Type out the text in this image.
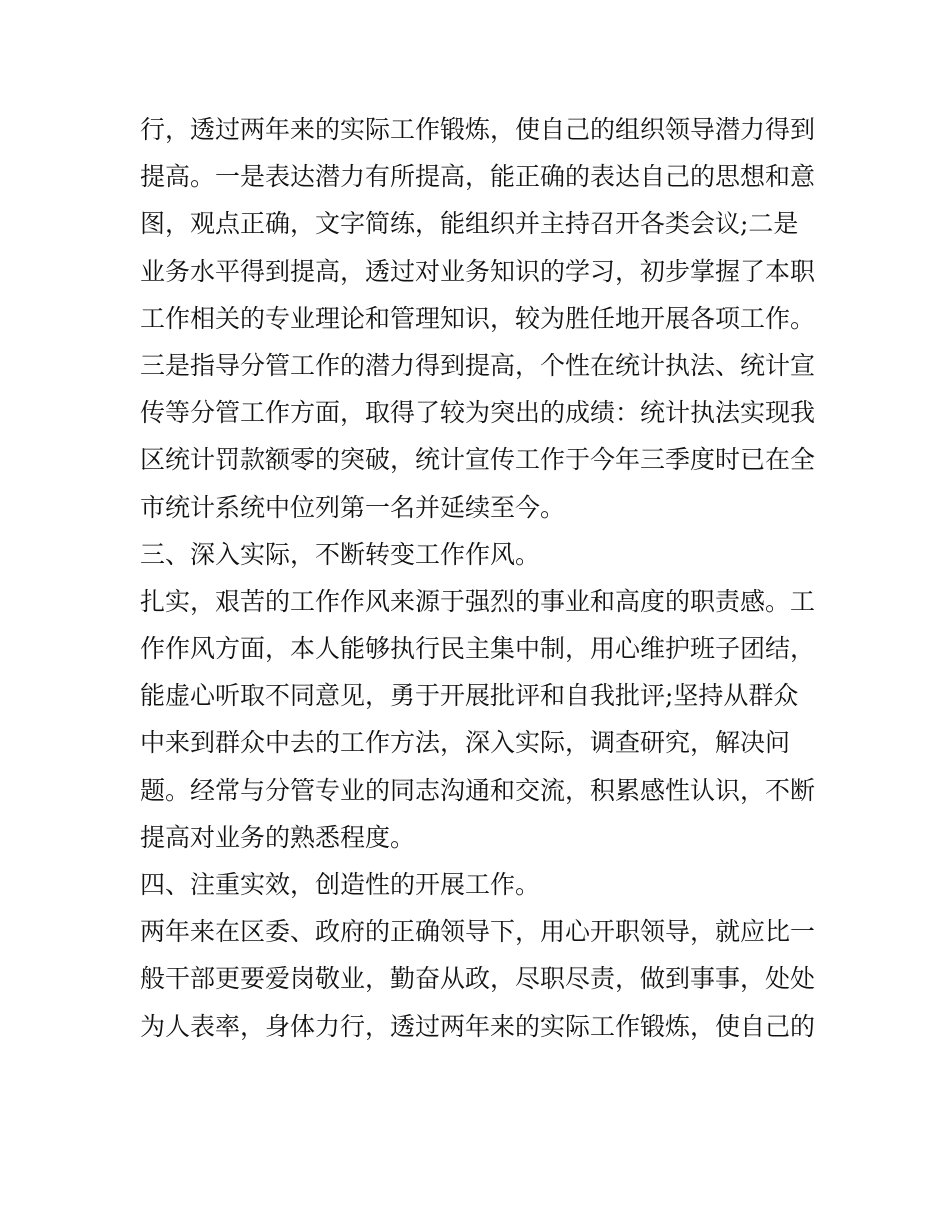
行，透过两年来的实际工作锻炼，使自己的组织领导潜力得到
提高。一是表达潜力有所提高，能正确的表达自己的思想和意
图，观点正确，文字简练，能组织并主持召开各类会议;二是
业务水平得到提高，透过对业务知识的学习，初步掌握了本职
工作相关的专业理论和管理知识，较为胜任地开展各项工作。
三是指导分管工作的潜力得到提高，个性在统计执法、统计宣
传等分管工作方面，取得了较为突出的成绩：统计执法实现我
区统计罚款额零的突破，统计宣传工作于今年三季度时已在全
市统计系统中位列第一名并延续至今。
三、深入实际，不断转变工作作风。
扎实，艰苦的工作作风来源于强烈的事业和高度的职责感。工
作作风方面，本人能够执行民主集中制，用心维护班子团结，
能虚心听取不同意见，勇于开展批评和自我批评;坚持从群众
中来到群众中去的工作方法，深入实际，调查研究，解决问
题。经常与分管专业的同志沟通和交流，积累感性认识，不断
提高对业务的熟悉程度。
四、注重实效，创造性的开展工作。
两年来在区委、政府的正确领导下，用心开职领导，就应比一
般干部更要爱岗敬业，勤奋从政，尽职尽责，做到事事，处处
为人表率，身体力行，透过两年来的实际工作锻炼，使自己的
